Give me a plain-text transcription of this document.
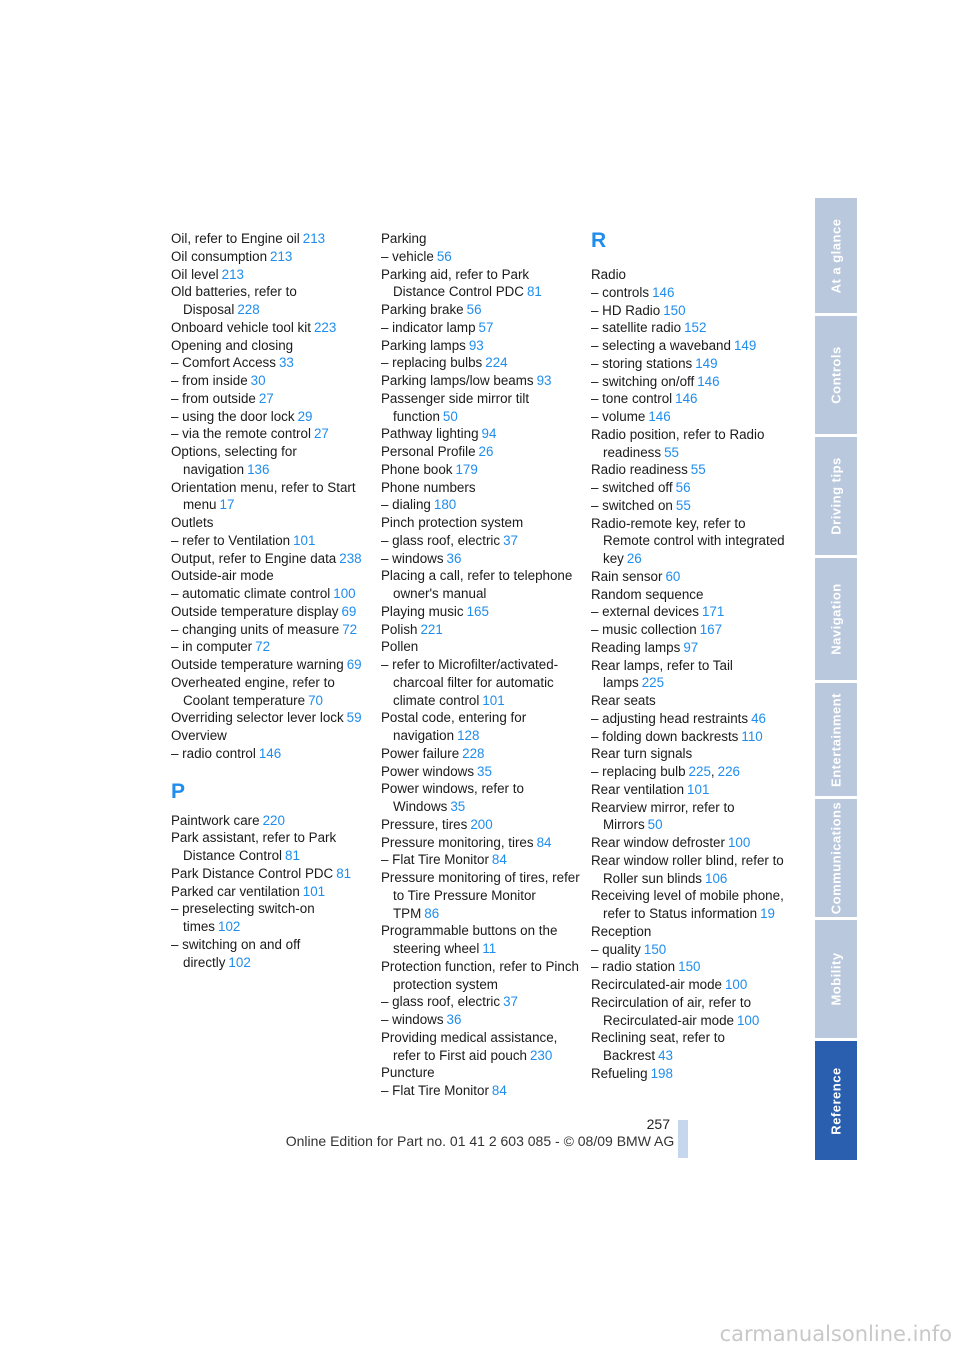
Oil, refer to Engine oil 213
Oil consumption 213
Oil level 213
Old batteries, refer to Disposal 228
Onboard vehicle tool kit 223
Opening and closing
– Comfort Access 33
– from inside 30
– from outside 27
– using the door lock 29
– via the remote control 27
Options, selecting for navigation 136
Orientation menu, refer to Start menu 17
Outlets
– refer to Ventilation 101
Output, refer to Engine data 238
Outside-air mode
– automatic climate control 100
Outside temperature display 69
– changing units of measure 72
– in computer 72
Outside temperature warning 69
Overheated engine, refer to Coolant temperature 70
Overriding selector lever lock 59
Overview
– radio control 146
P
Paintwork care 220
Park assistant, refer to Park Distance Control 81
Park Distance Control PDC 81
Parked car ventilation 101
– preselecting switch-on times 102
– switching on and off directly 102
Parking
– vehicle 56
Parking aid, refer to Park Distance Control PDC 81
Parking brake 56
– indicator lamp 57
Parking lamps 93
– replacing bulbs 224
Parking lamps/low beams 93
Passenger side mirror tilt function 50
Pathway lighting 94
Personal Profile 26
Phone book 179
Phone numbers
– dialing 180
Pinch protection system
– glass roof, electric 37
– windows 36
Placing a call, refer to telephone owner's manual
Playing music 165
Polish 221
Pollen
– refer to Microfilter/activated-charcoal filter for automatic climate control 101
Postal code, entering for navigation 128
Power failure 228
Power windows 35
Power windows, refer to Windows 35
Pressure, tires 200
Pressure monitoring, tires 84
– Flat Tire Monitor 84
Pressure monitoring of tires, refer to Tire Pressure Monitor TPM 86
Programmable buttons on the steering wheel 11
Protection function, refer to Pinch protection system
– glass roof, electric 37
– windows 36
Providing medical assistance, refer to First aid pouch 230
Puncture
– Flat Tire Monitor 84
R
Radio
– controls 146
– HD Radio 150
– satellite radio 152
– selecting a waveband 149
– storing stations 149
– switching on/off 146
– tone control 146
– volume 146
Radio position, refer to Radio readiness 55
Radio readiness 55
– switched off 56
– switched on 55
Radio-remote key, refer to Remote control with integrated key 26
Rain sensor 60
Random sequence
– external devices 171
– music collection 167
Reading lamps 97
Rear lamps, refer to Tail lamps 225
Rear seats
– adjusting head restraints 46
– folding down backrests 110
Rear turn signals
– replacing bulb 225, 226
Rear ventilation 101
Rearview mirror, refer to Mirrors 50
Rear window defroster 100
Rear window roller blind, refer to Roller sun blinds 106
Receiving level of mobile phone, refer to Status information 19
Reception
– quality 150
– radio station 150
Recirculated-air mode 100
Recirculation of air, refer to Recirculated-air mode 100
Reclining seat, refer to Backrest 43
Refueling 198
At a glance
Controls
Driving tips
Navigation
Entertainment
Communications
Mobility
Reference
257
Online Edition for Part no. 01 41 2 603 085 - © 08/09 BMW AG
carmanualsonline.info
